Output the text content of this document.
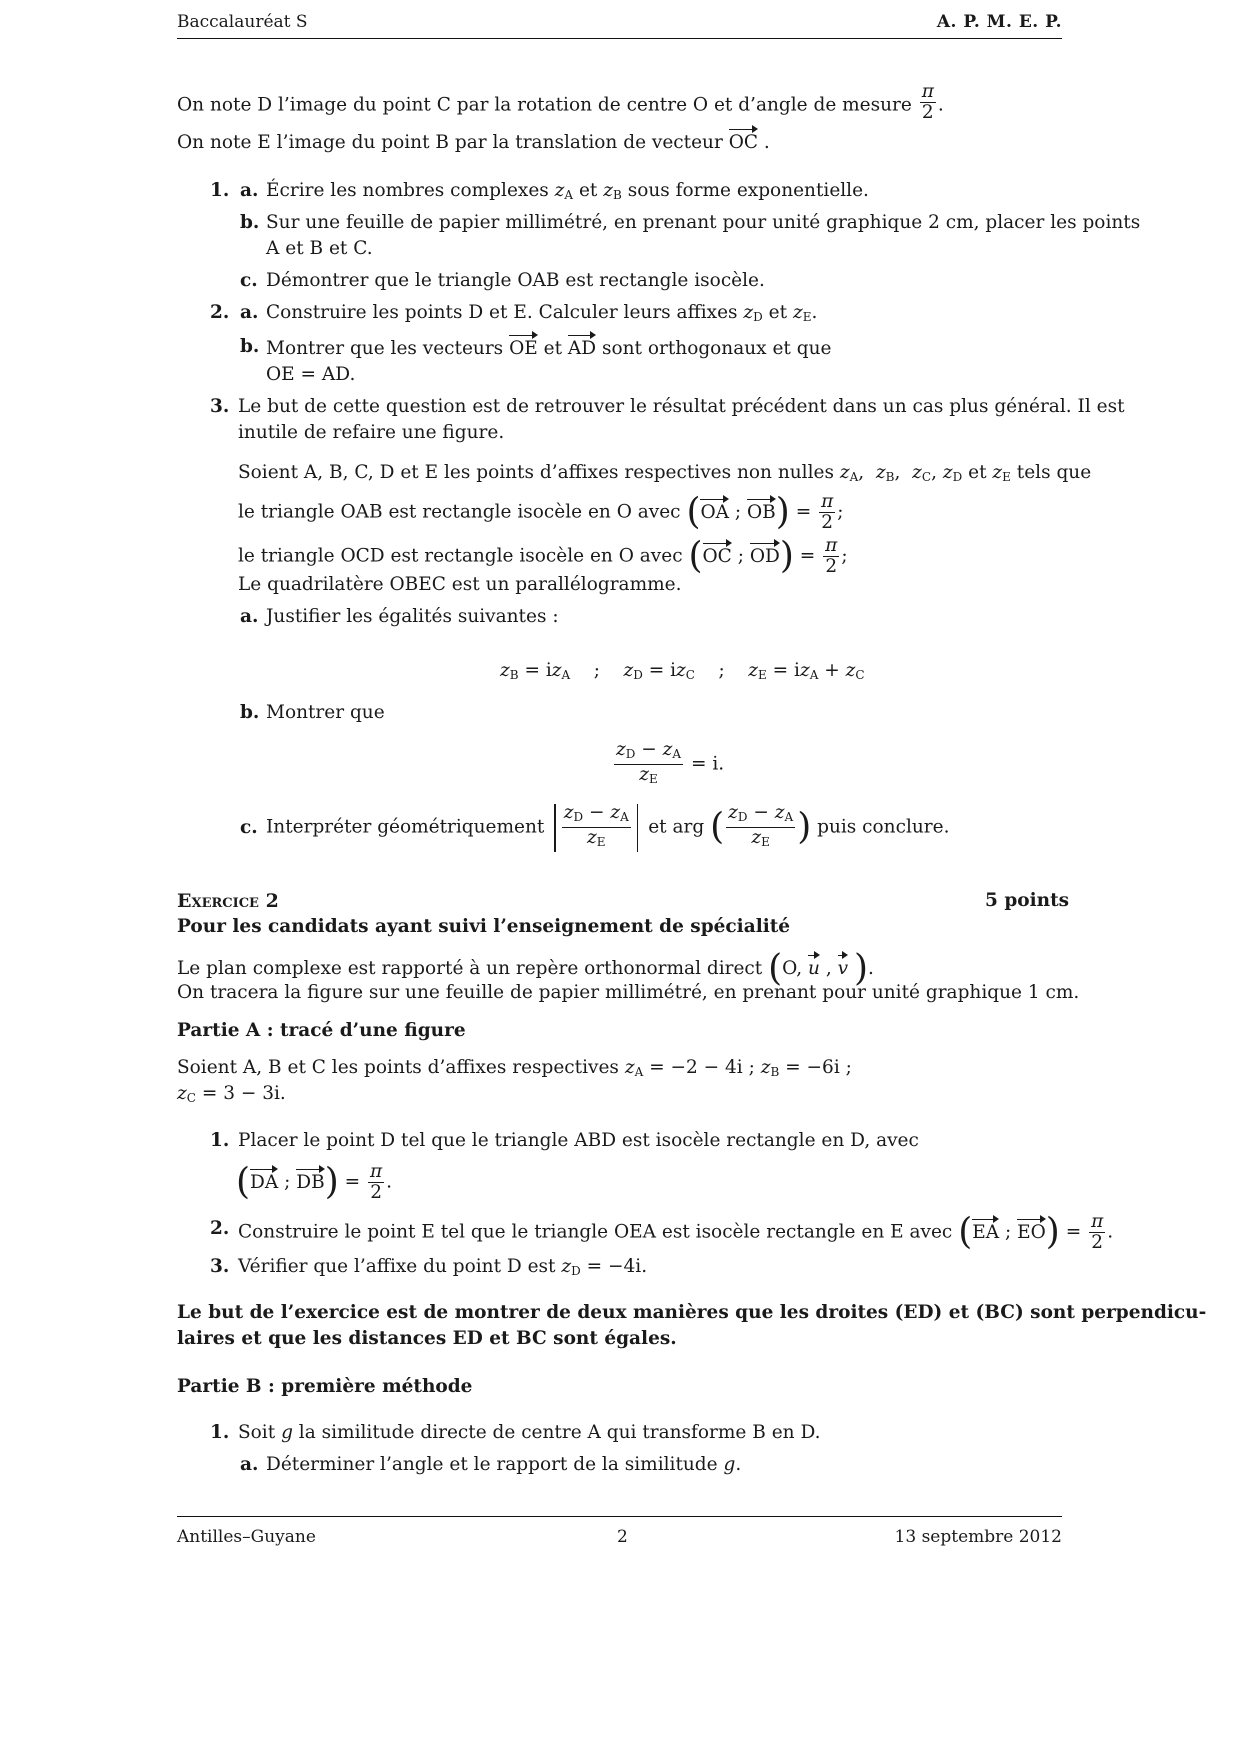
Baccalauréat S	A. P. M. E. P.
On note D l’image du point C par la rotation de centre O et d’angle de mesure $\frac{\pi}{2}$ .
On note E l’image du point B par la translation de vecteur OC .
1. a. Écrire les nombres complexes $z_A$ et $z_B$ sous forme exponentielle.
b. Sur une feuille de papier millimétré, en prenant pour unité graphique 2 cm, placer les points
A et B et C.
c. Démontrer que le triangle OAB est rectangle isocèle.
2. a. Construire les points D et E. Calculer leurs affixes $z_D$ et $z_E$.
b. Montrer que les vecteurs OE et AD sont orthogonaux et que
OE = AD.
3. Le but de cette question est de retrouver le résultat précédent dans un cas plus général. Il est
inutile de refaire une figure.
Soient A, B, C, D et E les points d’affixes respectives non nulles $z_A$,  $z_B$,  $z_C$, $z_D$ et $z_E$ tels que
le triangle OAB est rectangle isocèle en O avec (OA ; $OB) = \frac{\pi}{2}$ ;
le triangle OCD est rectangle isocèle en O avec (OC ; $OD) = \frac{\pi}{2}$ ;
Le quadrilatère OBEC est un parallélogramme.
a. Justifier les égalités suivantes :
$z_B = iz_A$    ;    $z_D = iz_C$    ;    $z_E = iz_A + z_C$
b. Montrer que
$\frac{z_D - z_A}{z_E} = i$.
c. Interpréter géométriquement $\frac{z_D - z_A}{z_E}$ et arg ( $\frac{z_D - z_A}{z_E}$ ) puis conclure.
Exercice 2	5 points
Pour les candidats ayant suivi l’enseignement de spécialité
Le plan complexe est rapporté à un repère orthonormal direct (O, u , v ).
On tracera la figure sur une feuille de papier millimétré, en prenant pour unité graphique 1 cm.
Partie A : tracé d’une figure
Soient A, B et C les points d’affixes respectives $z_A = -2 - 4i$ ; $z_B = -6i$ ;
$z_C = 3 - 3i$.
1. Placer le point D tel que le triangle ABD est isocèle rectangle en D, avec
(DA ; $DB) = \frac{\pi}{2}$ .
2. Construire le point E tel que le triangle OEA est isocèle rectangle en E avec (EA ; $EO) = \frac{\pi}{2}$ .
3. Vérifier que l’affixe du point D est $z_D = -4i$.
Le but de l’exercice est de montrer de deux manières que les droites (ED) et (BC) sont perpendicu-
laires et que les distances ED et BC sont égales.
Partie B : première méthode
1. Soit g la similitude directe de centre A qui transforme B en D.
a. Déterminer l’angle et le rapport de la similitude g.
Antilles–Guyane	2	13 septembre 2012
